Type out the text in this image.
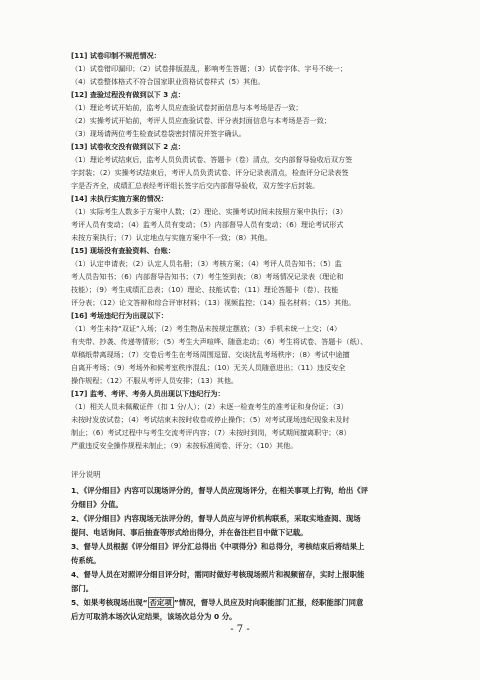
[11] 试卷印制不规范情况：
（1）试卷错印漏印；（2）试卷排版混乱，影响考生答题；（3）试卷字体、字号不统一；
（4）试卷整体格式不符合国家职业资格试卷样式（5）其他。
[12] 查验过程没有做到以下 3 点：
（1）理论考试开始前，监考人员应查验试卷封面信息与本考场是否一致；
（2）实操考试开始前，考评人员应查验试卷、评分表封面信息与本考场是否一致；
（3）现场请两位考生检查试卷袋密封情况并签字确认。
[13] 试卷收交没有做到以下 2 点：
（1）理论考试结束后，监考人员负责试卷、答题卡（卷）清点，交内部督导验收后双方签
字封装；（2）实操考试结束后，考评人员负责试卷、评分记录表清点，检查评分记录表签
字是否齐全，成绩汇总表经考评组长签字后交内部督导验收，双方签字后封装。
[14] 未执行实施方案的情况：
（1）实际考生人数多于方案中人数；（2）理论、实操考试时间未按照方案中执行；（3）
考评人员有变动；（4）监考人员有变动；（5）内部督导人员有变动；（6）理论考试形式
未按方案执行；（7）认定地点与实施方案中不一致；（8）其他。
[15] 现场没有查验资料、台账：
（1）认定申请表；（2）认定人员名册；（3）考核方案；（4）考评人员告知书；（5）监
考人员告知书；（6）内部督导告知书；（7）考生签到表；（8）考场情况记录表（理论和
技能）；（9）考生成绩汇总表；（10）理论、技能试卷；（11）理论答题卡（卷）、技能
评分表；（12）论文答辩和综合评审材料；（13）视频监控；（14）报名材料；（15）其他。
[16] 考场违纪行为出现以下：
（1）考生未持“双证”入场；（2）考生物品未按规定摆放；（3）手机未统一上交；（4）
有夹带、抄袭、传递等情形；（5）考生大声喧哗、随意走动；（6）考生将试卷、答题卡（纸）、
草稿纸带离现场；（7）交卷后考生在考场周围逗留、交谈扰乱考场秩序；（8）考试中途擅
自离开考场；（9）考场外和候考室秩序混乱；（10）无关人员随意进出；（11）违反安全
操作规程；（12）不服从考评人员安排；（13）其他。
[17] 监考、考评、考务人员出现以下违纪行为：
（1）相关人员未佩戴证件（扣 1 分/人）；（2）未逐一检查考生的准考证和身份证；（3）
未按时发放试卷；（4）考试结束未按时收卷或停止操作；（5）对考试现场违纪现象未及时
制止；（6）考试过程中与考生交流考评内容；（7）未按时到岗，考试期间擅离职守；（8）
严重违反安全操作规程未制止；（9）未按标准阅卷、评分；（10）其他。
评分说明
1、《评分细目》内容可以现场评分的，督导人员应现场评分，在相关事项上打钩，给出《评
分细目》分值。
2、《评分细目》内容现场无法评分的，督导人员应与评价机构联系，采取实地查阅、现场
提问、电话询问、事后抽查等形式给出得分，并在备注栏目中做下记载。
3、督导人员根据《评分细目》评分汇总得出《中项得分》和总得分，考核结束后将结果上
传系统。
4、督导人员在对照评分细目评分时，需同时做好考核现场照片和视频留存，实时上报职能
部门。
5、如果考核现场出现“ 否定项 ”情况，督导人员应及时向职能部门汇报，经职能部门同意
后方可取消本场次认定结果，该场次总分为 0 分。
- 7 -
